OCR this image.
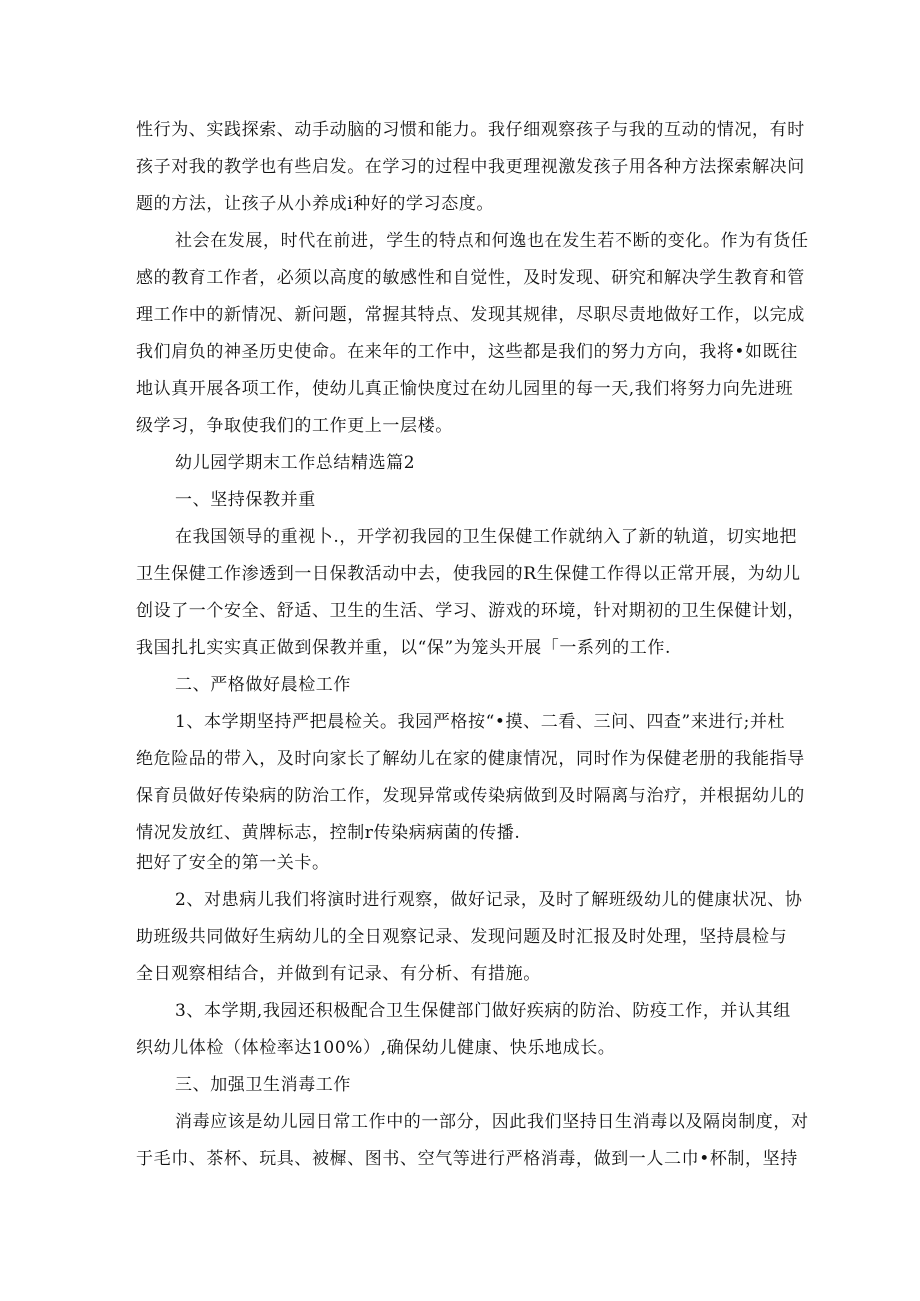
性行为、实践探索、动手动脑的习惯和能力。我仔细观察孩子与我的互动的情况，有时
孩子对我的教学也有些启发。在学习的过程中我更理视激发孩子用各种方法探索解决问
题的方法，让孩子从小养成i种好的学习态度。
社会在发展，时代在前进，学生的特点和何逸也在发生若不断的变化。作为有货任
感的教育工作者，必须以高度的敏感性和自觉性，及时发现、研究和解决学生教育和管
理工作中的新情况、新问题，常握其特点、发现其规律，尽职尽责地做好工作，以完成
我们肩负的神圣历史使命。在来年的工作中，这些都是我们的努力方向，我将•如既往
地认真开展各项工作，使幼儿真正愉快度过在幼儿园里的每一天,我们将努力向先进班
级学习，争取使我们的工作更上一层楼。
幼儿园学期末工作总结精选篇2
一、坚持保教并重
在我国领导的重视卜.，开学初我园的卫生保健工作就纳入了新的轨道，切实地把
卫生保健工作渗透到一日保教活动中去，使我园的R生保健工作得以正常开展，为幼儿
创设了一个安全、舒适、卫生的生活、学习、游戏的环境，针对期初的卫生保健计划，
我国扎扎实实真正做到保教并重，以“保”为笼头开展「一系列的工作.
二、严格做好晨检工作
1、本学期坚持严把晨检关。我园严格按“•摸、二看、三问、四查”来进行;并杜
绝危险品的带入，及时向家长了解幼儿在家的健康情况，同时作为保健老册的我能指导
保育员做好传染病的防治工作，发现异常或传染病做到及时隔离与治疗，并根据幼儿的
情况发放红、黄牌标志，控制r传染病病菌的传播.
把好了安全的第一关卡。
2、对患病儿我们将演时进行观察，做好记录，及时了解班级幼儿的健康状况、协
助班级共同做好生病幼儿的全日观察记录、发现问题及时汇报及时处理，坚持晨检与
全日观察相结合，并做到有记录、有分析、有措施。
3、本学期,我园还积极配合卫生保健部门做好疾病的防治、防疫工作，并认其组
织幼儿体检（体检率达100%）,确保幼儿健康、快乐地成长。
三、加强卫生消毒工作
消毒应该是幼儿园日常工作中的一部分，因此我们坚持日生消毒以及隔岗制度，对
于毛巾、茶杯、玩具、被樨、图书、空气等进行严格消毒，做到一人二巾•杯制，坚持
